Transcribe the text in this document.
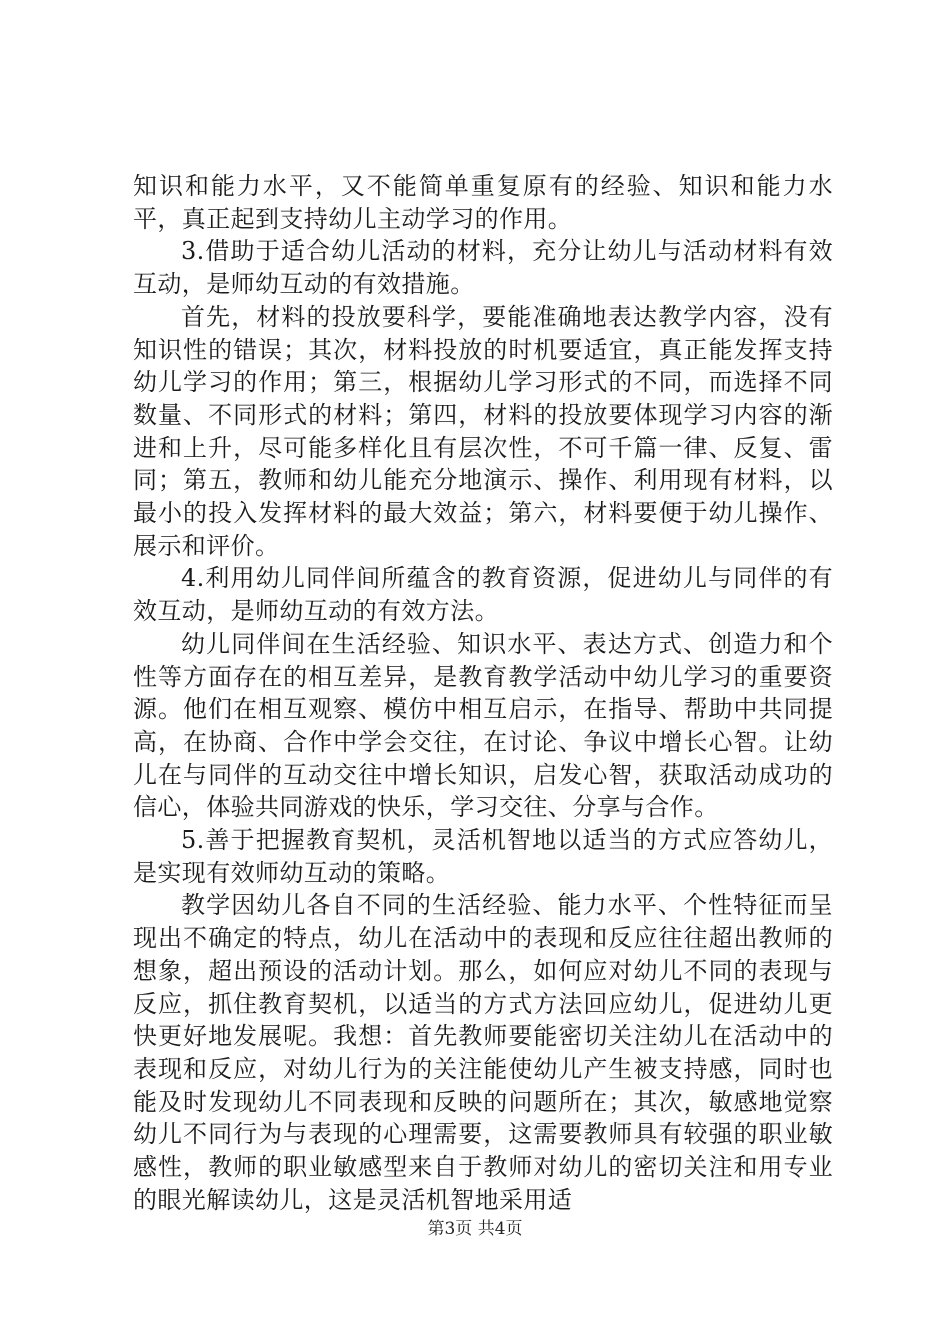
知识和能力水平，又不能简单重复原有的经验、知识和能力水平，真正起到支持幼儿主动学习的作用。

3.借助于适合幼儿活动的材料，充分让幼儿与活动材料有效互动，是师幼互动的有效措施。

首先，材料的投放要科学，要能准确地表达教学内容，没有知识性的错误；其次，材料投放的时机要适宜，真正能发挥支持幼儿学习的作用；第三，根据幼儿学习形式的不同，而选择不同数量、不同形式的材料；第四，材料的投放要体现学习内容的渐进和上升，尽可能多样化且有层次性，不可千篇一律、反复、雷同；第五，教师和幼儿能充分地演示、操作、利用现有材料，以最小的投入发挥材料的最大效益；第六，材料要便于幼儿操作、展示和评价。

4.利用幼儿同伴间所蕴含的教育资源，促进幼儿与同伴的有效互动，是师幼互动的有效方法。

幼儿同伴间在生活经验、知识水平、表达方式、创造力和个性等方面存在的相互差异，是教育教学活动中幼儿学习的重要资源。他们在相互观察、模仿中相互启示，在指导、帮助中共同提高，在协商、合作中学会交往，在讨论、争议中增长心智。让幼儿在与同伴的互动交往中增长知识，启发心智，获取活动成功的信心，体验共同游戏的快乐，学习交往、分享与合作。

5.善于把握教育契机，灵活机智地以适当的方式应答幼儿，是实现有效师幼互动的策略。

教学因幼儿各自不同的生活经验、能力水平、个性特征而呈现出不确定的特点，幼儿在活动中的表现和反应往往超出教师的想象，超出预设的活动计划。那么，如何应对幼儿不同的表现与反应，抓住教育契机，以适当的方式方法回应幼儿，促进幼儿更快更好地发展呢。我想：首先教师要能密切关注幼儿在活动中的表现和反应，对幼儿行为的关注能使幼儿产生被支持感，同时也能及时发现幼儿不同表现和反映的问题所在；其次，敏感地觉察幼儿不同行为与表现的心理需要，这需要教师具有较强的职业敏感性，教师的职业敏感型来自于教师对幼儿的密切关注和用专业的眼光解读幼儿，这是灵活机智地采用适

第3页 共4页
